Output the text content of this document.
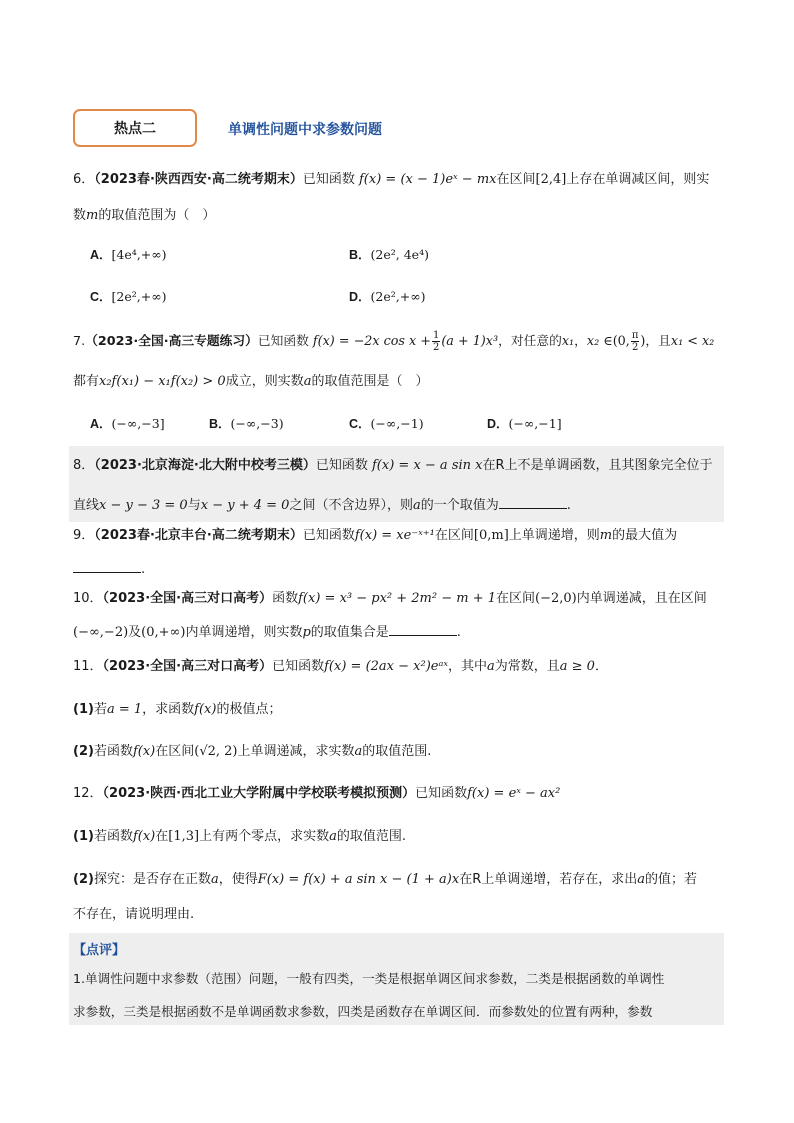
热点二	单调性问题中求参数问题
6．（2023春·陕西西安·高二统考期末）已知函数 f(x) = (x − 1)eˣ − mx在区间[2,4]上存在单调减区间，则实
数m的取值范围为（　）
A．[4e⁴,+∞)	B．(2e², 4e⁴)
C．[2e²,+∞)	D．(2e²,+∞)
7.（2023·全国·高三专题练习）已知函数 f(x) = −2x $\cos x + \frac{1}{2} (a + 1)x^3$，对任意的x₁，x₂ ∈(0, $\frac{\pi}{2}$ )，且x₁ < x₂
都有x₂f(x₁) − x₁f(x₂) > 0成立，则实数a的取值范围是（　）
A．(−∞,−3]	B．(−∞,−3)	C．(−∞,−1)	D．(−∞,−1]
8．（2023·北京海淀·北大附中校考三模）已知函数 f(x) = x − a sin x在R上不是单调函数，且其图象完全位于
直线x − y − 3 = 0与x − y + 4 = 0之间（不含边界），则a的一个取值为	.
9．（2023春·北京丰台·高二统考期末）已知函数f(x) = xe⁻ˣ⁺¹在区间[0,m]上单调递增，则m的最大值为
.
10．（2023·全国·高三对口高考）函数f(x) = x³ − px² + 2m² − m + 1在区间(−2,0)内单调递减，且在区间
(−∞,−2)及(0,+∞)内单调递增，则实数p的取值集合是	.
11．（2023·全国·高三对口高考）已知函数f(x) = (2ax − x²)eᵃˣ，其中a为常数，且a ≥ 0．
(1)若a = 1，求函数f(x)的极值点；
(2)若函数f(x)在区间(√2, 2)上单调递减，求实数a的取值范围.
12．（2023·陕西·西北工业大学附属中学校联考模拟预测）已知函数f(x) = eˣ − ax²
(1)若函数f(x)在[1,3]上有两个零点，求实数a的取值范围.
(2)探究：是否存在正数a，使得F(x) = f(x) + a sin x − (1 + a)x在R上单调递增，若存在，求出a的值；若
不存在，请说明理由.
【点评】
1.单调性问题中求参数（范围）问题，一般有四类，一类是根据单调区间求参数，二类是根据函数的单调性
求参数，三类是根据函数不是单调函数求参数，四类是函数存在单调区间．而参数处的位置有两种，参数
